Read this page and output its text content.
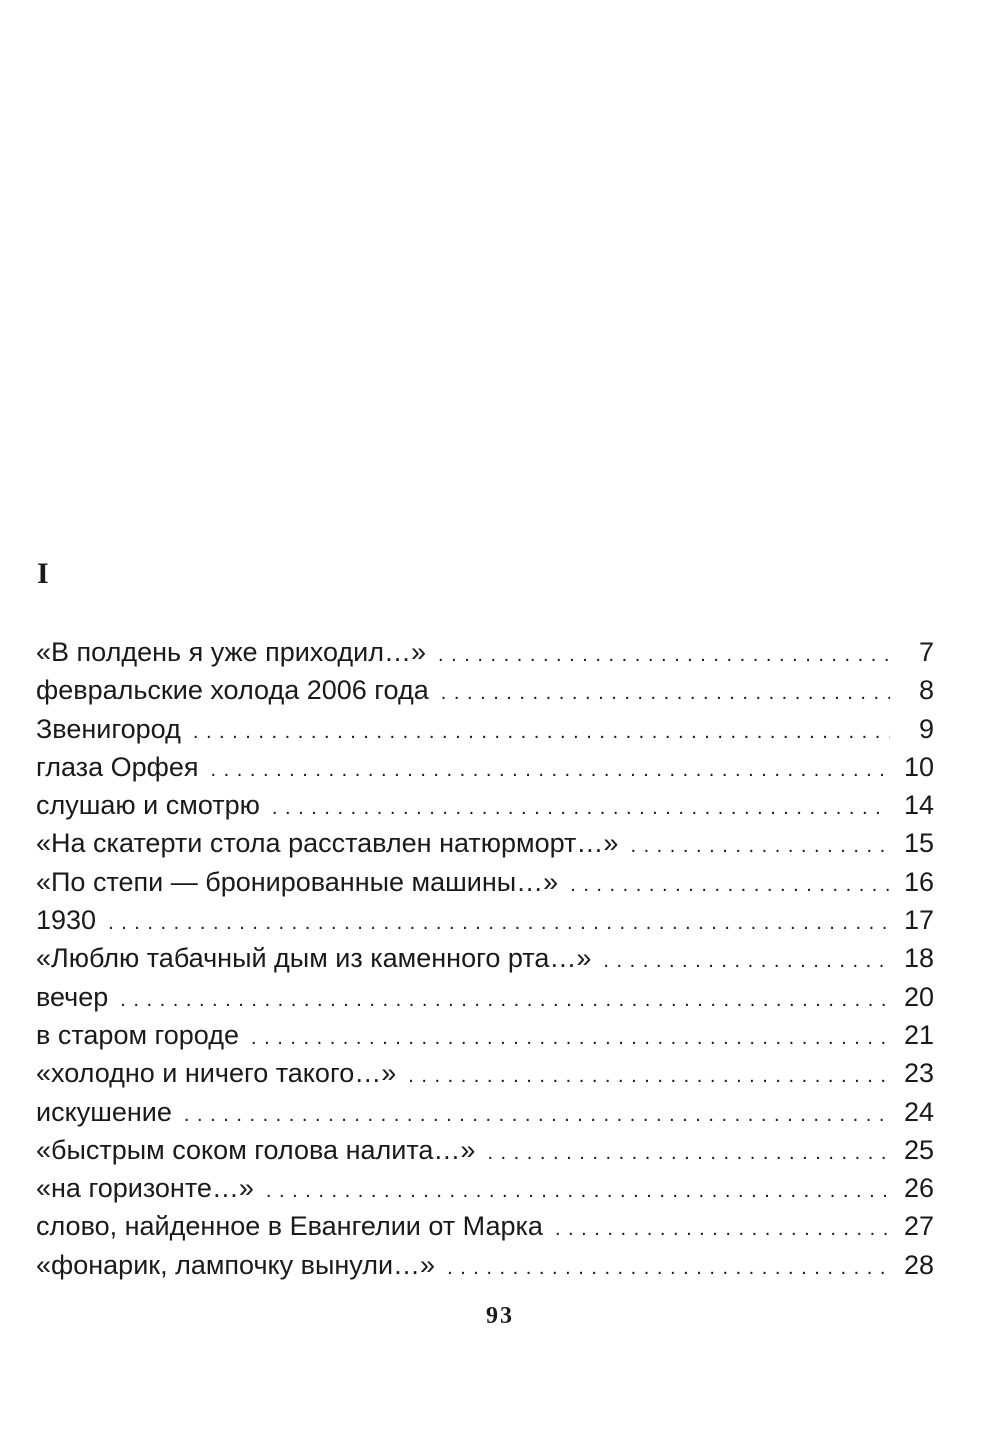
I
«В полдень я уже приходил…» . . .	7
февральские холода 2006 года . . .	8
Звенигород . . .	9
глаза Орфея . . .	10
слушаю и смотрю . . .	14
«На скатерти стола расставлен натюрморт…» . . .	15
«По степи — бронированные машины…» . . .	16
1930 . . .	17
«Люблю табачный дым из каменного рта…» . . .	18
вечер . . .	20
в старом городе . . .	21
«холодно и ничего такого…» . . .	23
искушение . . .	24
«быстрым соком голова налита…» . . .	25
«на горизонте…» . . .	26
слово, найденное в Евангелии от Марка . . .	27
«фонарик, лампочку вынули…» . . .	28

93
